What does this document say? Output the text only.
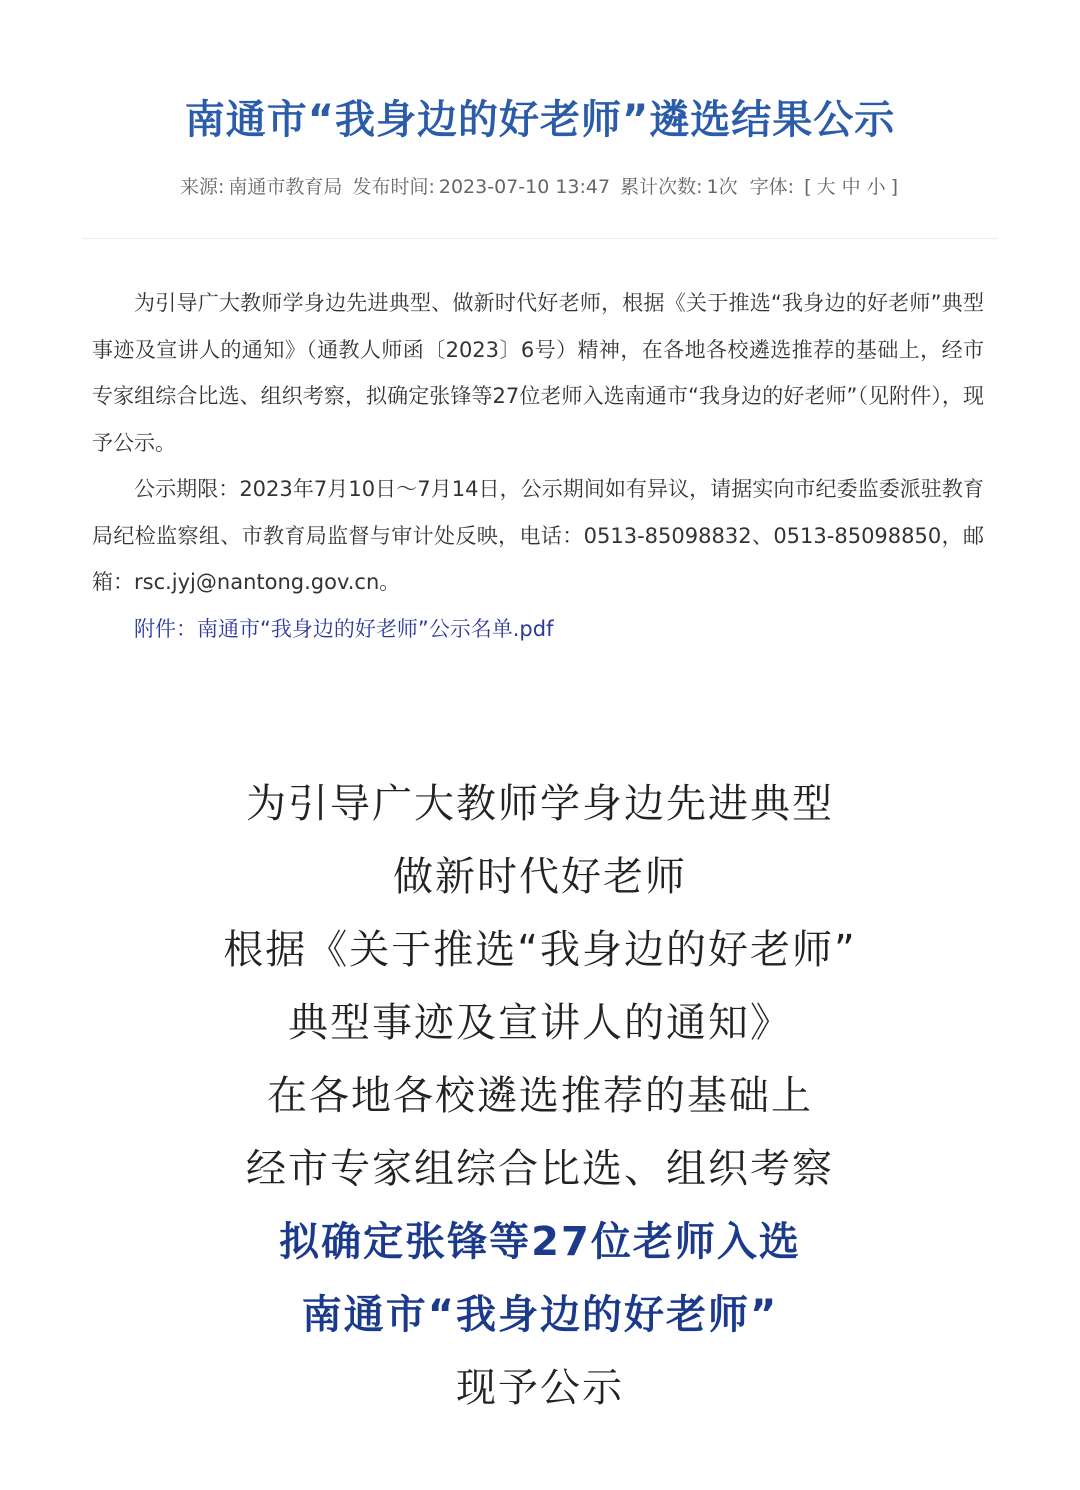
南通市“我身边的好老师”遴选结果公示
来源: 南通市教育局 发布时间: 2023-07-10 13:47 累计次数: 1次 字体: [ 大 中 小 ]

为引导广大教师学身边先进典型、做新时代好老师，根据《关于推选“我身边的好老师”典型事迹及宣讲人的通知》（通教人师函〔2023〕6号）精神，在各地各校遴选推荐的基础上，经市专家组综合比选、组织考察，拟确定张锋等27位老师入选南通市“我身边的好老师”（见附件），现予公示。

公示期限：2023年7月10日～7月14日，公示期间如有异议，请据实向市纪委监委派驻教育局纪检监察组、市教育局监督与审计处反映，电话：0513-85098832、0513-85098850，邮箱：rsc.jyj@nantong.gov.cn。

附件：南通市“我身边的好老师”公示名单.pdf

为引导广大教师学身边先进典型
做新时代好老师
根据《关于推选“我身边的好老师”
典型事迹及宣讲人的通知》
在各地各校遴选推荐的基础上
经市专家组综合比选、组织考察
拟确定张锋等27位老师入选
南通市“我身边的好老师”
现予公示
